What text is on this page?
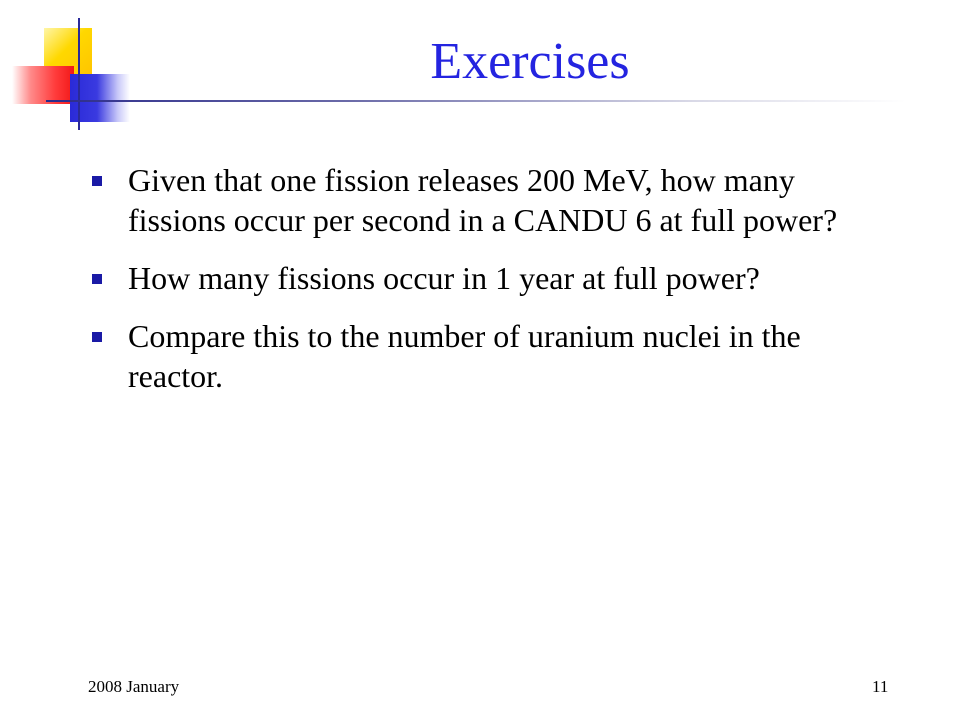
Exercises
Given that one fission releases 200 MeV, how many fissions occur per second in a CANDU 6 at full power?
How many fissions occur in 1 year at full power?
Compare this to the number of uranium nuclei in the reactor.
2008 January	11
